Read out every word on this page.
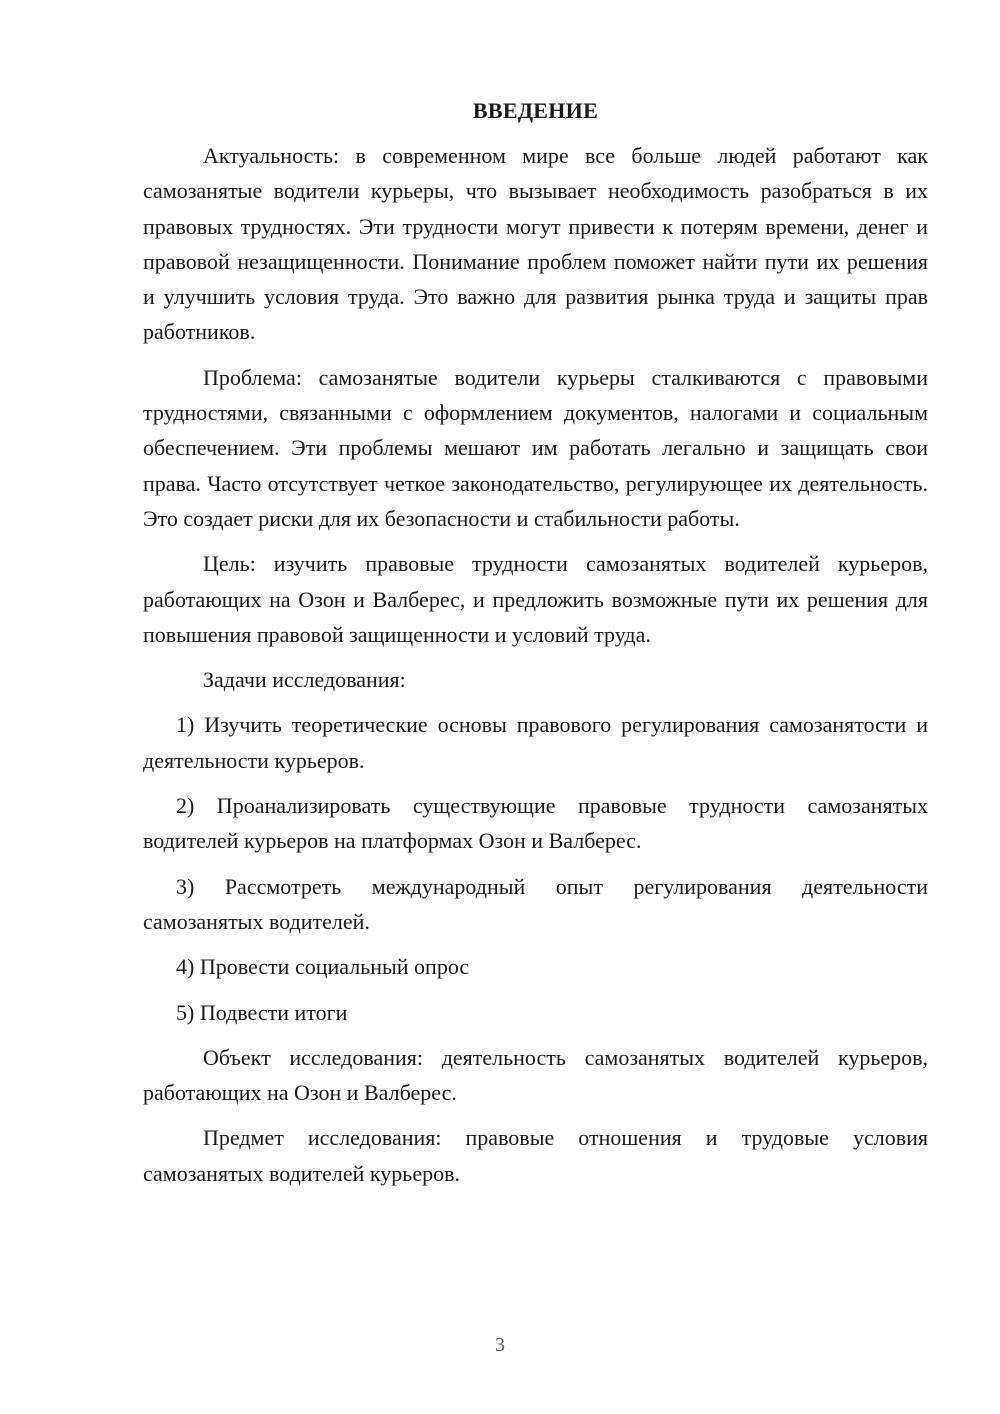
ВВЕДЕНИЕ

Актуальность: в современном мире все больше людей работают как самозанятые водители курьеры, что вызывает необходимость разобраться в их правовых трудностях. Эти трудности могут привести к потерям времени, денег и правовой незащищенности. Понимание проблем поможет найти пути их решения и улучшить условия труда. Это важно для развития рынка труда и защиты прав работников.

Проблема: самозанятые водители курьеры сталкиваются с правовыми трудностями, связанными с оформлением документов, налогами и социальным обеспечением. Эти проблемы мешают им работать легально и защищать свои права. Часто отсутствует четкое законодательство, регулирующее их деятельность. Это создает риски для их безопасности и стабильности работы.

Цель: изучить правовые трудности самозанятых водителей курьеров, работающих на Озон и Валберес, и предложить возможные пути их решения для повышения правовой защищенности и условий труда.

Задачи исследования:

1) Изучить теоретические основы правового регулирования самозанятости и деятельности курьеров.

2) Проанализировать существующие правовые трудности самозанятых водителей курьеров на платформах Озон и Валберес.

3) Рассмотреть международный опыт регулирования деятельности самозанятых водителей.

4) Провести социальный опрос

5) Подвести итоги

Объект исследования: деятельность самозанятых водителей курьеров, работающих на Озон и Валберес.

Предмет исследования: правовые отношения и трудовые условия самозанятых водителей курьеров.

3
